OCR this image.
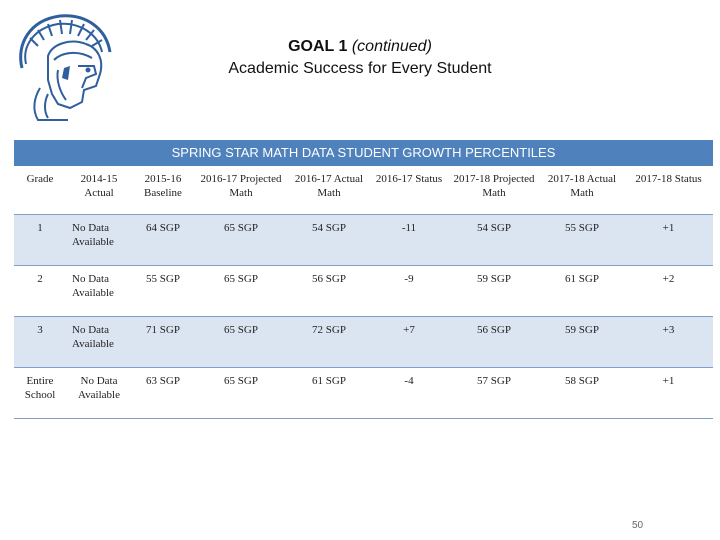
GOAL 1 (continued)
Academic Success for Every Student
SPRING STAR MATH DATA STUDENT GROWTH PERCENTILES
Grade	2014-15 Actual	2015-16 Baseline	2016-17 Projected Math	2016-17 Actual Math	2016-17 Status	2017-18 Projected Math	2017-18 Actual Math	2017-18 Status
1	No Data Available	64 SGP	65 SGP	54 SGP	-11	54 SGP	55 SGP	+1
2	No Data Available	55 SGP	65 SGP	56 SGP	-9	59 SGP	61 SGP	+2
3	No Data Available	71 SGP	65 SGP	72 SGP	+7	56 SGP	59 SGP	+3
Entire School	No Data Available	63 SGP	65 SGP	61 SGP	-4	57 SGP	58 SGP	+1
50
